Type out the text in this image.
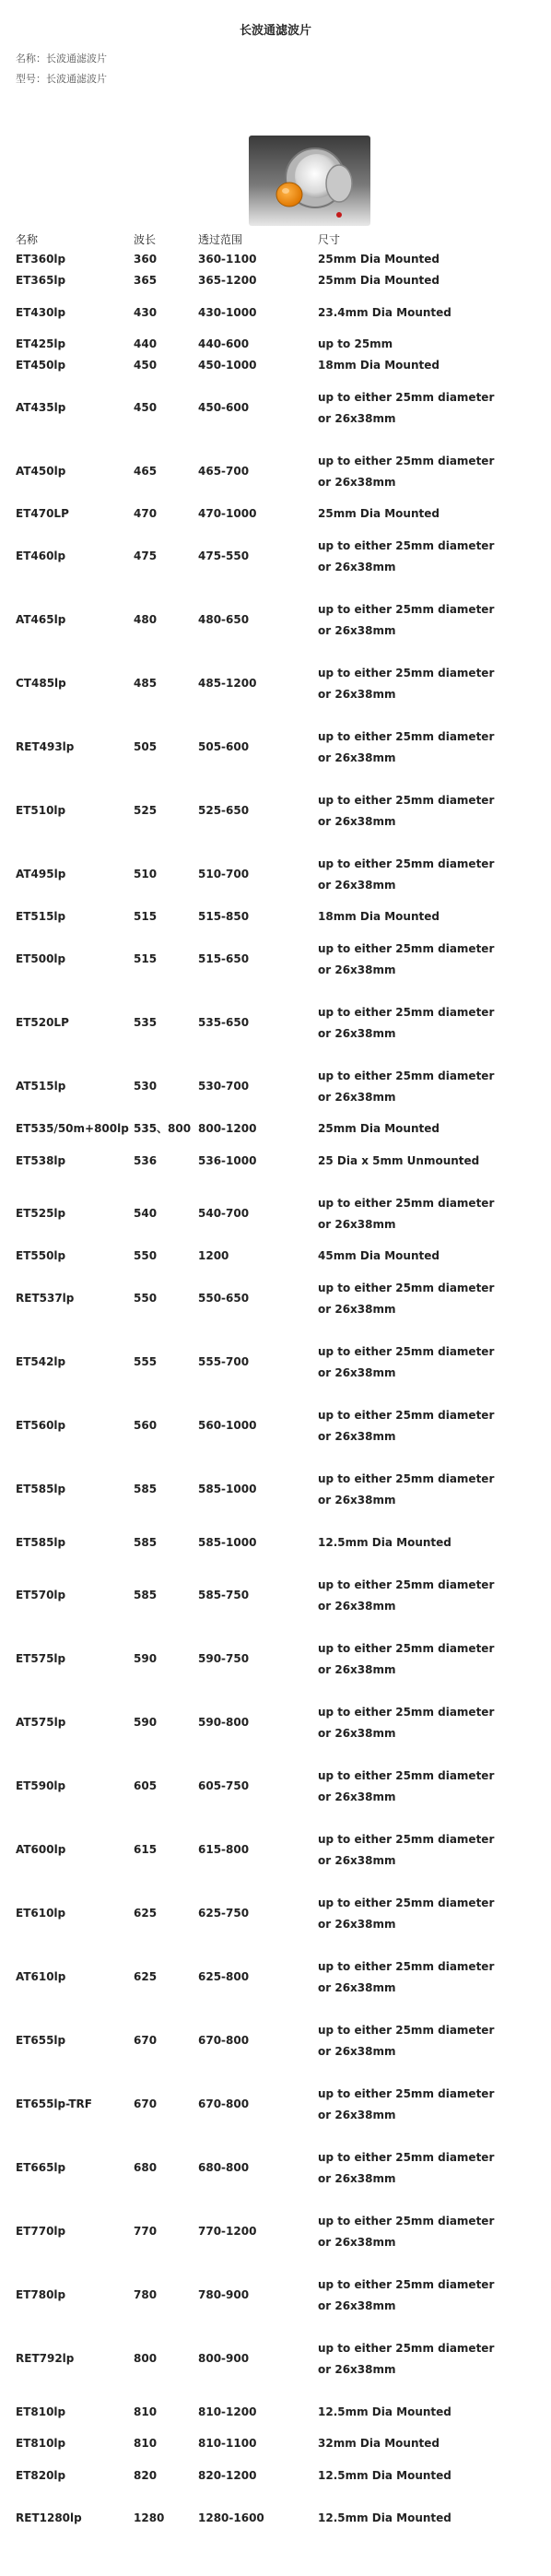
长波通滤波片
名称：长波通滤波片
型号：长波通滤波片
名称	波长	透过范围	尺寸
ET360lp	360	360-1100	25mm Dia Mounted
ET365lp	365	365-1200	25mm Dia Mounted
ET430lp	430	430-1000	23.4mm Dia Mounted
ET425lp	440	440-600	up to 25mm
ET450lp	450	450-1000	18mm Dia Mounted
AT435lp	450	450-600	up to either 25mm diameter or 26x38mm
AT450lp	465	465-700	up to either 25mm diameter or 26x38mm
ET470LP	470	470-1000	25mm Dia Mounted
ET460lp	475	475-550	up to either 25mm diameter or 26x38mm
AT465lp	480	480-650	up to either 25mm diameter or 26x38mm
CT485lp	485	485-1200	up to either 25mm diameter or 26x38mm
RET493lp	505	505-600	up to either 25mm diameter or 26x38mm
ET510lp	525	525-650	up to either 25mm diameter or 26x38mm
AT495lp	510	510-700	up to either 25mm diameter or 26x38mm
ET515lp	515	515-850	18mm Dia Mounted
ET500lp	515	515-650	up to either 25mm diameter or 26x38mm
ET520LP	535	535-650	up to either 25mm diameter or 26x38mm
AT515lp	530	530-700	up to either 25mm diameter or 26x38mm
ET535/50m+800lp	535、800	800-1200	25mm Dia Mounted
ET538lp	536	536-1000	25 Dia x 5mm Unmounted
ET525lp	540	540-700	up to either 25mm diameter or 26x38mm
ET550lp	550	1200	45mm Dia Mounted
RET537lp	550	550-650	up to either 25mm diameter or 26x38mm
ET542lp	555	555-700	up to either 25mm diameter or 26x38mm
ET560lp	560	560-1000	up to either 25mm diameter or 26x38mm
ET585lp	585	585-1000	up to either 25mm diameter or 26x38mm
ET585lp	585	585-1000	12.5mm Dia Mounted
ET570lp	585	585-750	up to either 25mm diameter or 26x38mm
ET575lp	590	590-750	up to either 25mm diameter or 26x38mm
AT575lp	590	590-800	up to either 25mm diameter or 26x38mm
ET590lp	605	605-750	up to either 25mm diameter or 26x38mm
AT600lp	615	615-800	up to either 25mm diameter or 26x38mm
ET610lp	625	625-750	up to either 25mm diameter or 26x38mm
AT610lp	625	625-800	up to either 25mm diameter or 26x38mm
ET655lp	670	670-800	up to either 25mm diameter or 26x38mm
ET655lp-TRF	670	670-800	up to either 25mm diameter or 26x38mm
ET665lp	680	680-800	up to either 25mm diameter or 26x38mm
ET770lp	770	770-1200	up to either 25mm diameter or 26x38mm
ET780lp	780	780-900	up to either 25mm diameter or 26x38mm
RET792lp	800	800-900	up to either 25mm diameter or 26x38mm
ET810lp	810	810-1200	12.5mm Dia Mounted
ET810lp	810	810-1100	32mm Dia Mounted
ET820lp	820	820-1200	12.5mm Dia Mounted
RET1280lp	1280	1280-1600	12.5mm Dia Mounted
